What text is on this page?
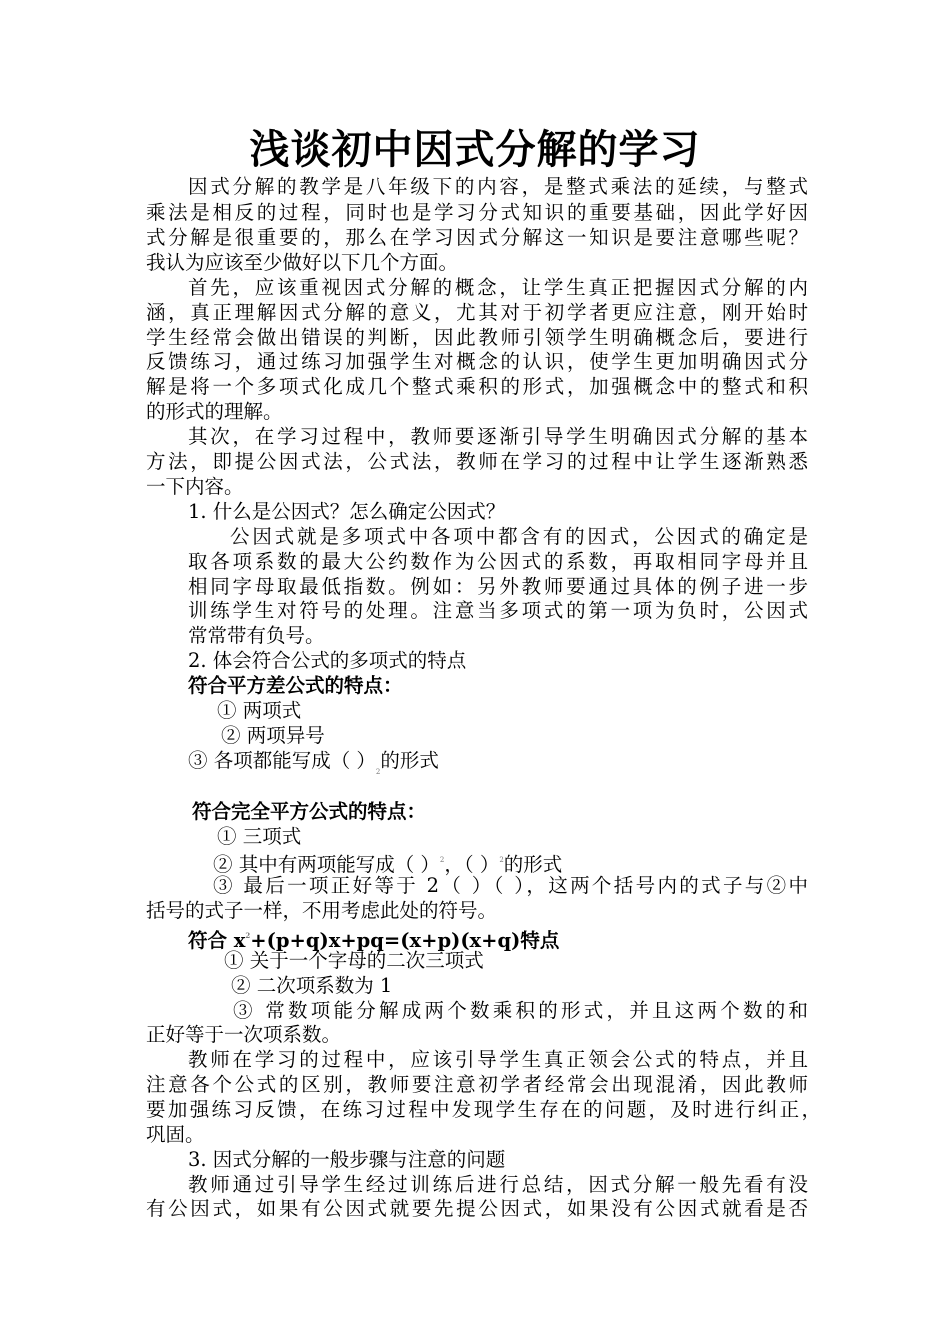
浅谈初中因式分解的学习
因式分解的教学是八年级下的内容，是整式乘法的延续，与整式
乘法是相反的过程，同时也是学习分式知识的重要基础，因此学好因
式分解是很重要的，那么在学习因式分解这一知识是要注意哪些呢？
我认为应该至少做好以下几个方面。
首先，应该重视因式分解的概念，让学生真正把握因式分解的内
涵，真正理解因式分解的意义，尤其对于初学者更应注意，刚开始时
学生经常会做出错误的判断，因此教师引领学生明确概念后，要进行
反馈练习，通过练习加强学生对概念的认识，使学生更加明确因式分
解是将一个多项式化成几个整式乘积的形式，加强概念中的整式和积
的形式的理解。
其次，在学习过程中，教师要逐渐引导学生明确因式分解的基本
方法，即提公因式法，公式法，教师在学习的过程中让学生逐渐熟悉
一下内容。
1. 什么是公因式？怎么确定公因式？
公因式就是多项式中各项中都含有的因式，公因式的确定是
取各项系数的最大公约数作为公因式的系数，再取相同字母并且
相同字母取最低指数。例如：另外教师要通过具体的例子进一步
训练学生对符号的处理。注意当多项式的第一项为负时，公因式
常常带有负号。
2. 体会符合公式的多项式的特点
符合平方差公式的特点：
① 两项式
② 两项异号
③ 各项都能写成（ ）$_2$的形式
符合完全平方公式的特点：
① 三项式
② 其中有两项能写成（ ）$^2$，（ ）$^2$的形式
③ 最后一项正好等于 2（ ）（ ），这两个括号内的式子与②中
括号的式子一样，不用考虑此处的符号。
符合 $x^2+(p+q)x+pq=(x+p)(x+q)$特点
① 关于一个字母的二次三项式
② 二次项系数为 1
③ 常数项能分解成两个数乘积的形式，并且这两个数的和
正好等于一次项系数。
教师在学习的过程中，应该引导学生真正领会公式的特点，并且
注意各个公式的区别，教师要注意初学者经常会出现混淆，因此教师
要加强练习反馈，在练习过程中发现学生存在的问题，及时进行纠正，
巩固。
3. 因式分解的一般步骤与注意的问题
教师通过引导学生经过训练后进行总结，因式分解一般先看有没
有公因式，如果有公因式就要先提公因式，如果没有公因式就看是否
